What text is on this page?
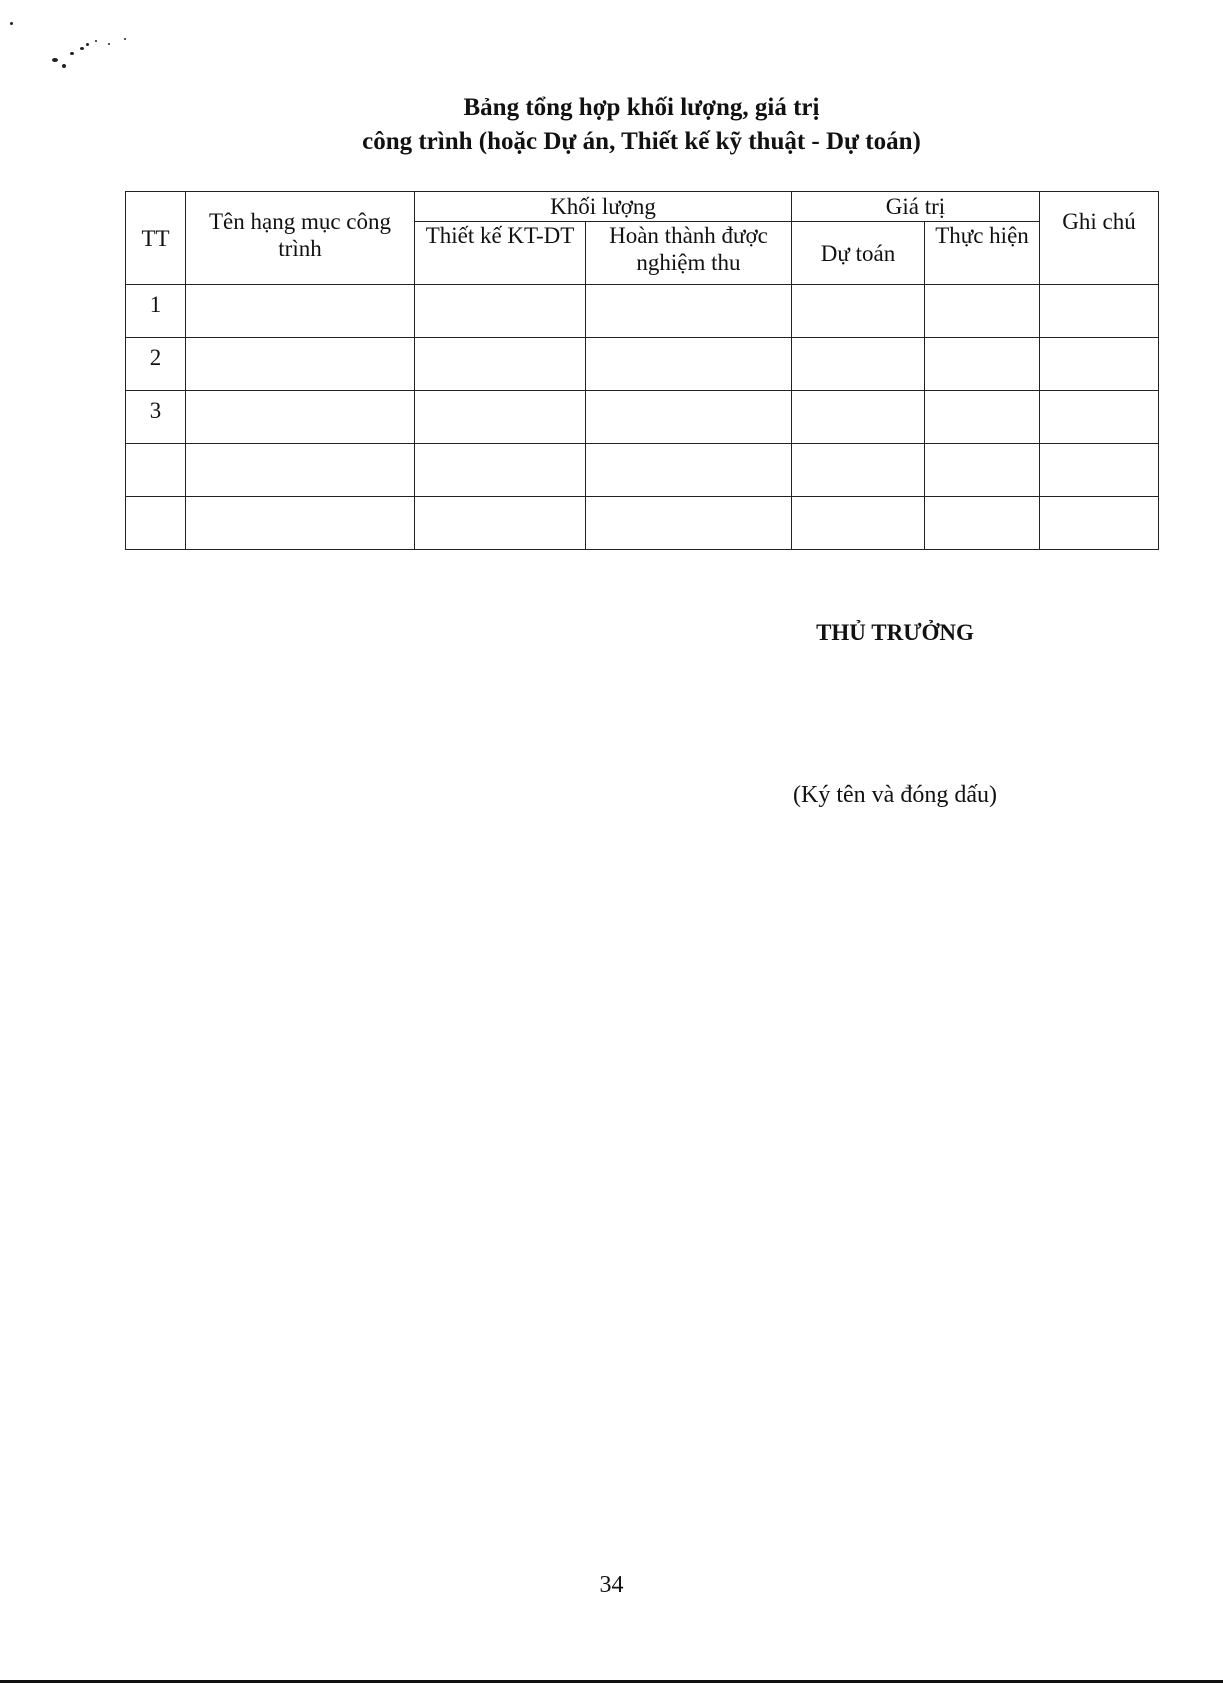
Bảng tổng hợp khối lượng, giá trị
công trình (hoặc Dự án, Thiết kế kỹ thuật - Dự toán)
TT	Tên hạng mục công trình	Khối lượng		Giá trị		Ghi chú
		Thiết kế KT-DT	Hoàn thành được nghiệm thu	Dự toán	Thực hiện	
1						
2						
3						

THỦ TRƯỞNG
(Ký tên và đóng dấu)
34
